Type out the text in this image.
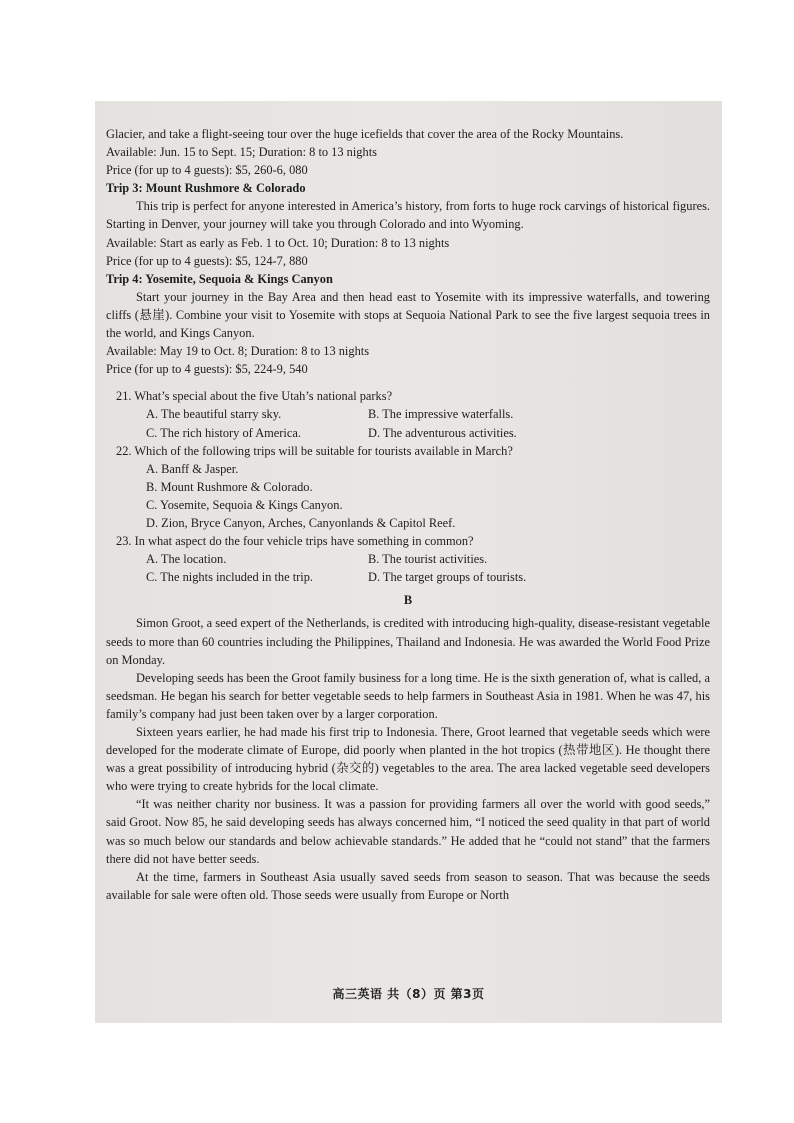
Glacier, and take a flight-seeing tour over the huge icefields that cover the area of the Rocky Mountains.

Available: Jun. 15 to Sept. 15; Duration: 8 to 13 nights

Price (for up to 4 guests): $5, 260-6, 080

Trip 3: Mount Rushmore & Colorado

This trip is perfect for anyone interested in America’s history, from forts to huge rock carvings of historical figures. Starting in Denver, your journey will take you through Colorado and into Wyoming.

Available: Start as early as Feb. 1 to Oct. 10; Duration: 8 to 13 nights

Price (for up to 4 guests): $5, 124-7, 880

Trip 4: Yosemite, Sequoia & Kings Canyon

Start your journey in the Bay Area and then head east to Yosemite with its impressive waterfalls, and towering cliffs (悬崖). Combine your visit to Yosemite with stops at Sequoia National Park to see the five largest sequoia trees in the world, and Kings Canyon.

Available: May 19 to Oct. 8; Duration: 8 to 13 nights

Price (for up to 4 guests): $5, 224-9, 540

21. What’s special about the five Utah’s national parks?

A. The beautiful starry sky.	B. The impressive waterfalls.
C. The rich history of America.	D. The adventurous activities.

22. Which of the following trips will be suitable for tourists available in March?

A. Banff & Jasper.

B. Mount Rushmore & Colorado.

C. Yosemite, Sequoia & Kings Canyon.

D. Zion, Bryce Canyon, Arches, Canyonlands & Capitol Reef.

23. In what aspect do the four vehicle trips have something in common?

A. The location.	B. The tourist activities.
C. The nights included in the trip.	D. The target groups of tourists.

B

Simon Groot, a seed expert of the Netherlands, is credited with introducing high-quality, disease-resistant vegetable seeds to more than 60 countries including the Philippines, Thailand and Indonesia. He was awarded the World Food Prize on Monday.

Developing seeds has been the Groot family business for a long time. He is the sixth generation of, what is called, a seedsman. He began his search for better vegetable seeds to help farmers in Southeast Asia in 1981. When he was 47, his family’s company had just been taken over by a larger corporation.

Sixteen years earlier, he had made his first trip to Indonesia. There, Groot learned that vegetable seeds which were developed for the moderate climate of Europe, did poorly when planted in the hot tropics (热带地区). He thought there was a great possibility of introducing hybrid (杂交的) vegetables to the area. The area lacked vegetable seed developers who were trying to create hybrids for the local climate.

“It was neither charity nor business. It was a passion for providing farmers all over the world with good seeds,” said Groot. Now 85, he said developing seeds has always concerned him, “I noticed the seed quality in that part of world was so much below our standards and below achievable standards.” He added that he “could not stand” that the farmers there did not have better seeds.

At the time, farmers in Southeast Asia usually saved seeds from season to season. That was because the seeds available for sale were often old. Those seeds were usually from Europe or North

高三英语 共（8）页 第3页
